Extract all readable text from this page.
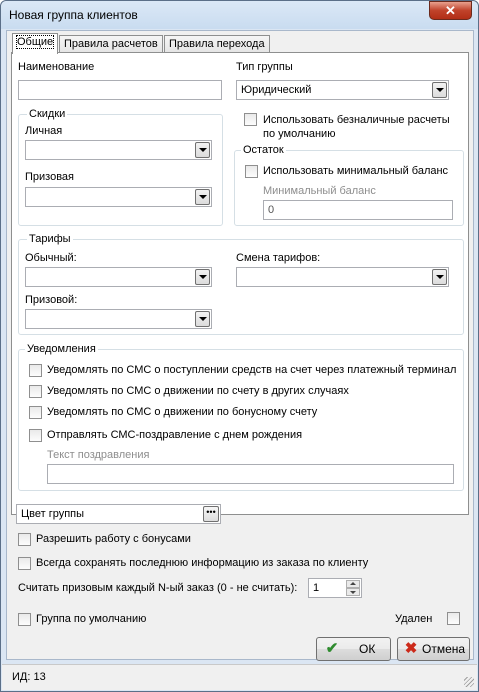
Новая группа клиентов	✕
Общие Правила расчетов	Правила перехода
Наименование	Тип группы
Юридический
Скидки
Личная
Призовая
Использовать безналичные расчеты по умолчанию
Остаток
Использовать минимальный баланс
Минимальный баланс
0
Тарифы
Обычный:	Смена тарифов:
Призовой:
Уведомления
Уведомлять по СМС о поступлении средств на счет через платежный терминал
Уведомлять по СМС о движении по счету в других случаях
Уведомлять по СМС о движении по бонусному счету
Отправлять СМС-поздравление с днем рождения
Текст поздравления
Цвет группы	•••
Разрешить работу с бонусами
Всегда сохранять последнюю информацию из заказа по клиенту
Считать призовым каждый N-ый заказ (0 - не считать):	1
Группа по умолчанию	Удален
✔ ОК ✖ Отмена
ИД: 13
